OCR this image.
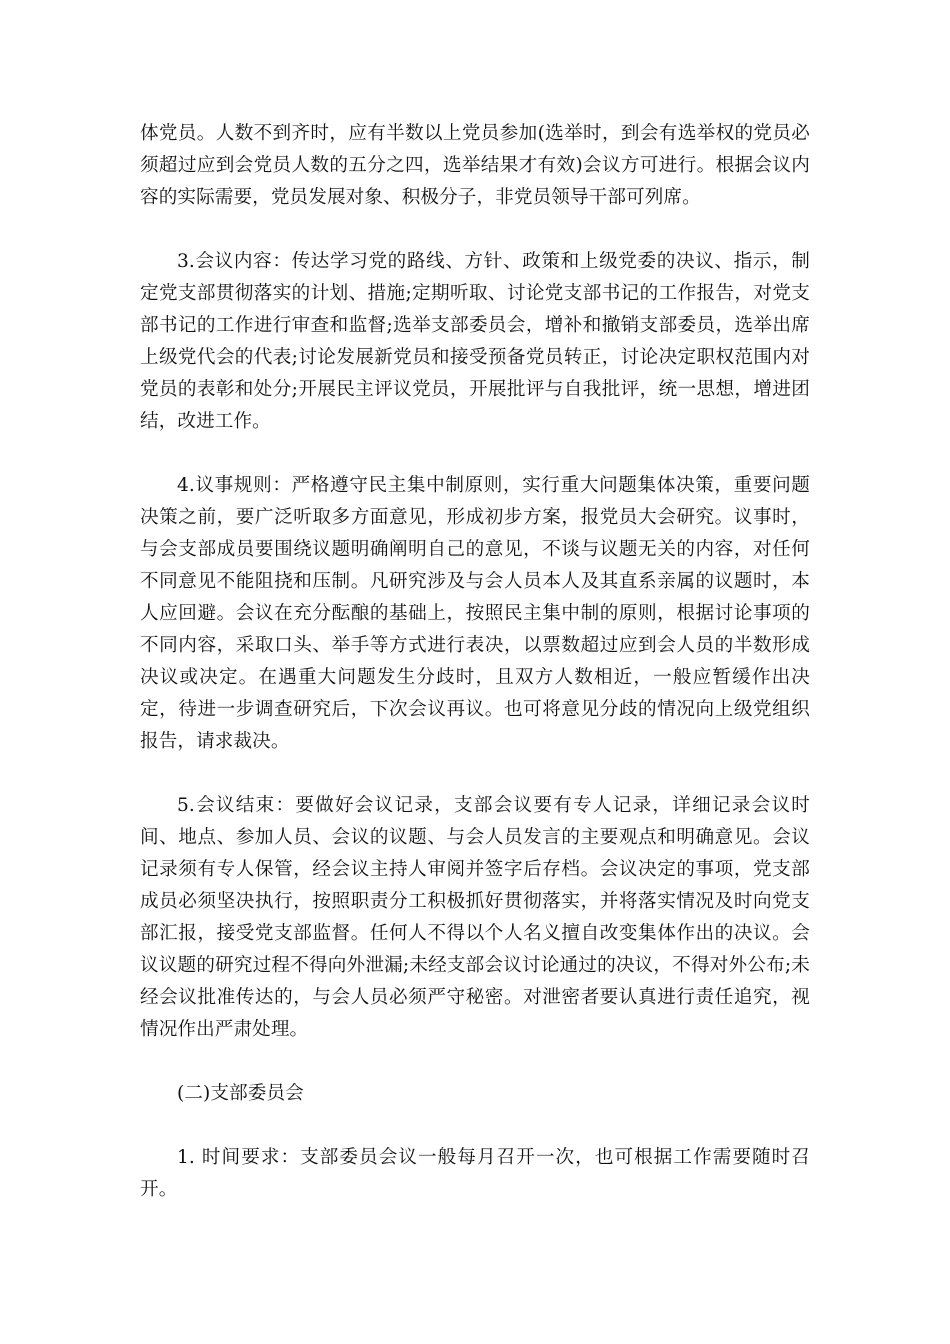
体党员。人数不到齐时，应有半数以上党员参加(选举时，到会有选举权的党员必须超过应到会党员人数的五分之四，选举结果才有效)会议方可进行。根据会议内容的实际需要，党员发展对象、积极分子，非党员领导干部可列席。

3.会议内容：传达学习党的路线、方针、政策和上级党委的决议、指示，制定党支部贯彻落实的计划、措施;定期听取、讨论党支部书记的工作报告，对党支部书记的工作进行审查和监督;选举支部委员会，增补和撤销支部委员，选举出席上级党代会的代表;讨论发展新党员和接受预备党员转正，讨论决定职权范围内对党员的表彰和处分;开展民主评议党员，开展批评与自我批评，统一思想，增进团结，改进工作。

4.议事规则：严格遵守民主集中制原则，实行重大问题集体决策，重要问题决策之前，要广泛听取多方面意见，形成初步方案，报党员大会研究。议事时，与会支部成员要围绕议题明确阐明自己的意见，不谈与议题无关的内容，对任何不同意见不能阻挠和压制。凡研究涉及与会人员本人及其直系亲属的议题时，本人应回避。会议在充分酝酿的基础上，按照民主集中制的原则，根据讨论事项的不同内容，采取口头、举手等方式进行表决，以票数超过应到会人员的半数形成决议或决定。在遇重大问题发生分歧时，且双方人数相近，一般应暂缓作出决定，待进一步调查研究后，下次会议再议。也可将意见分歧的情况向上级党组织报告，请求裁决。

5.会议结束：要做好会议记录，支部会议要有专人记录，详细记录会议时间、地点、参加人员、会议的议题、与会人员发言的主要观点和明确意见。会议记录须有专人保管，经会议主持人审阅并签字后存档。会议决定的事项，党支部成员必须坚决执行，按照职责分工积极抓好贯彻落实，并将落实情况及时向党支部汇报，接受党支部监督。任何人不得以个人名义擅自改变集体作出的决议。会议议题的研究过程不得向外泄漏;未经支部会议讨论通过的决议，不得对外公布;未经会议批准传达的，与会人员必须严守秘密。对泄密者要认真进行责任追究，视情况作出严肃处理。

(二)支部委员会

1. 时间要求：支部委员会议一般每月召开一次，也可根据工作需要随时召开。
